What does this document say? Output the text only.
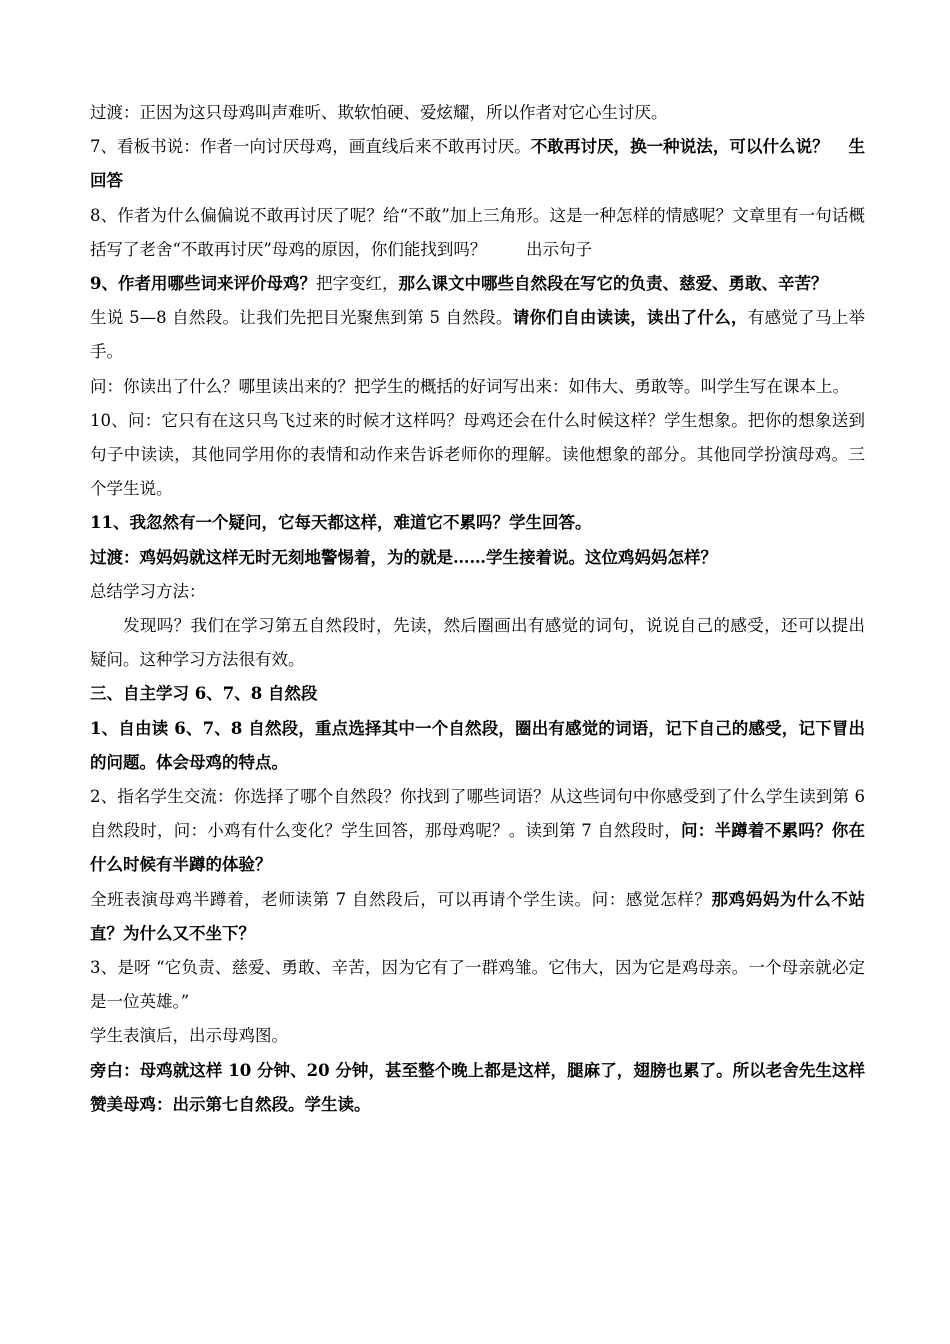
过渡：正因为这只母鸡叫声难听、欺软怕硬、爱炫耀，所以作者对它心生讨厌。

7、看板书说：作者一向讨厌母鸡，画直线后来不敢再讨厌。不敢再讨厌，换一种说法，可以什么说？ 生回答

8、作者为什么偏偏说不敢再讨厌了呢？给“不敢”加上三角形。这是一种怎样的情感呢？文章里有一句话概括写了老舍“不敢再讨厌”母鸡的原因，你们能找到吗？ 出示句子

9、作者用哪些词来评价母鸡？把字变红，那么课文中哪些自然段在写它的负责、慈爱、勇敢、辛苦？

生说 5—8 自然段。让我们先把目光聚焦到第 5 自然段。请你们自由读读，读出了什么，有感觉了马上举手。

问：你读出了什么？哪里读出来的？把学生的概括的好词写出来：如伟大、勇敢等。叫学生写在课本上。

10、问：它只有在这只鸟飞过来的时候才这样吗？母鸡还会在什么时候这样？学生想象。把你的想象送到句子中读读，其他同学用你的表情和动作来告诉老师你的理解。读他想象的部分。其他同学扮演母鸡。三个学生说。

11、我忽然有一个疑问，它每天都这样，难道它不累吗？学生回答。

过渡：鸡妈妈就这样无时无刻地警惕着，为的就是……学生接着说。这位鸡妈妈怎样？

总结学习方法：

发现吗？我们在学习第五自然段时，先读，然后圈画出有感觉的词句，说说自己的感受，还可以提出疑问。这种学习方法很有效。

三、自主学习 6、7、8 自然段

1、自由读 6、7、8 自然段，重点选择其中一个自然段，圈出有感觉的词语，记下自己的感受，记下冒出的问题。体会母鸡的特点。

2、指名学生交流：你选择了哪个自然段？你找到了哪些词语？从这些词句中你感受到了什么学生读到第 6 自然段时，问：小鸡有什么变化？学生回答，那母鸡呢？。读到第 7 自然段时，问：半蹲着不累吗？你在什么时候有半蹲的体验？

全班表演母鸡半蹲着，老师读第 7 自然段后，可以再请个学生读。问：感觉怎样？那鸡妈妈为什么不站直？为什么又不坐下？

3、是呀 “它负责、慈爱、勇敢、辛苦，因为它有了一群鸡雏。它伟大，因为它是鸡母亲。一个母亲就必定是一位英雄。”

学生表演后，出示母鸡图。

旁白：母鸡就这样 10 分钟、20 分钟，甚至整个晚上都是这样，腿麻了，翅膀也累了。所以老舍先生这样赞美母鸡：出示第七自然段。学生读。
